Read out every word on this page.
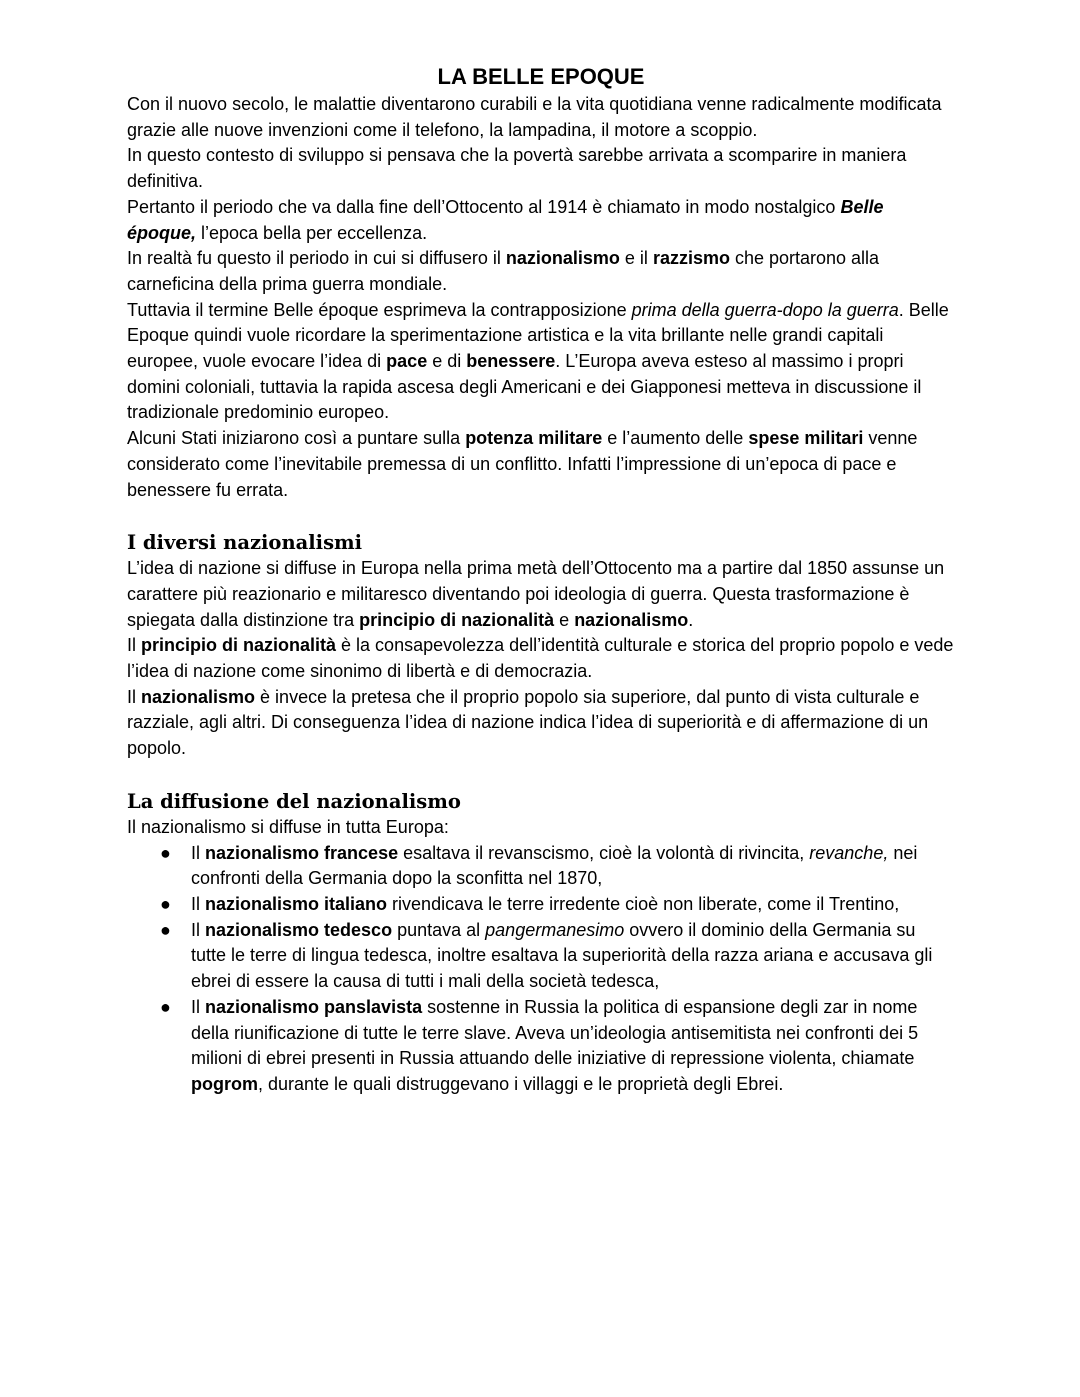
LA BELLE EPOQUE

Con il nuovo secolo, le malattie diventarono curabili e la vita quotidiana venne radicalmente modificata grazie alle nuove invenzioni come il telefono, la lampadina, il motore a scoppio.

In questo contesto di sviluppo si pensava che la povertà sarebbe arrivata a scomparire in maniera definitiva.

Pertanto il periodo che va dalla fine dell’Ottocento al 1914 è chiamato in modo nostalgico Belle époque, l’epoca bella per eccellenza.

In realtà fu questo il periodo in cui si diffusero il nazionalismo e il razzismo che portarono alla carneficina della prima guerra mondiale.

Tuttavia il termine Belle époque esprimeva la contrapposizione prima della guerra-dopo la guerra. Belle Epoque quindi vuole ricordare la sperimentazione artistica e la vita brillante nelle grandi capitali europee, vuole evocare l’idea di pace e di benessere. L’Europa aveva esteso al massimo i propri domini coloniali, tuttavia la rapida ascesa degli Americani e dei Giapponesi metteva in discussione il tradizionale predominio europeo.

Alcuni Stati iniziarono così a puntare sulla potenza militare e l’aumento delle spese militari venne considerato come l’inevitabile premessa di un conflitto. Infatti l’impressione di un’epoca di pace e benessere fu errata.

I diversi nazionalismi

L’idea di nazione si diffuse in Europa nella prima metà dell’Ottocento ma a partire dal 1850 assunse un carattere più reazionario e militaresco diventando poi ideologia di guerra. Questa trasformazione è spiegata dalla distinzione tra principio di nazionalità e nazionalismo.

Il principio di nazionalità è la consapevolezza dell’identità culturale e storica del proprio popolo e vede l’idea di nazione come sinonimo di libertà e di democrazia.

Il nazionalismo è invece la pretesa che il proprio popolo sia superiore, dal punto di vista culturale e razziale, agli altri. Di conseguenza l’idea di nazione indica l’idea di superiorità e di affermazione di un popolo.

La diffusione del nazionalismo

Il nazionalismo si diffuse in tutta Europa:

● Il nazionalismo francese esaltava il revanscismo, cioè la volontà di rivincita, revanche, nei confronti della Germania dopo la sconfitta nel 1870,
● Il nazionalismo italiano rivendicava le terre irredente cioè non liberate, come il Trentino,
● Il nazionalismo tedesco puntava al pangermanesimo ovvero il dominio della Germania su tutte le terre di lingua tedesca, inoltre esaltava la superiorità della razza ariana e accusava gli ebrei di essere la causa di tutti i mali della società tedesca,
● Il nazionalismo panslavista sostenne in Russia la politica di espansione degli zar in nome della riunificazione di tutte le terre slave. Aveva un’ideologia antisemitista nei confronti dei 5 milioni di ebrei presenti in Russia attuando delle iniziative di repressione violenta, chiamate pogrom, durante le quali distruggevano i villaggi e le proprietà degli Ebrei.
